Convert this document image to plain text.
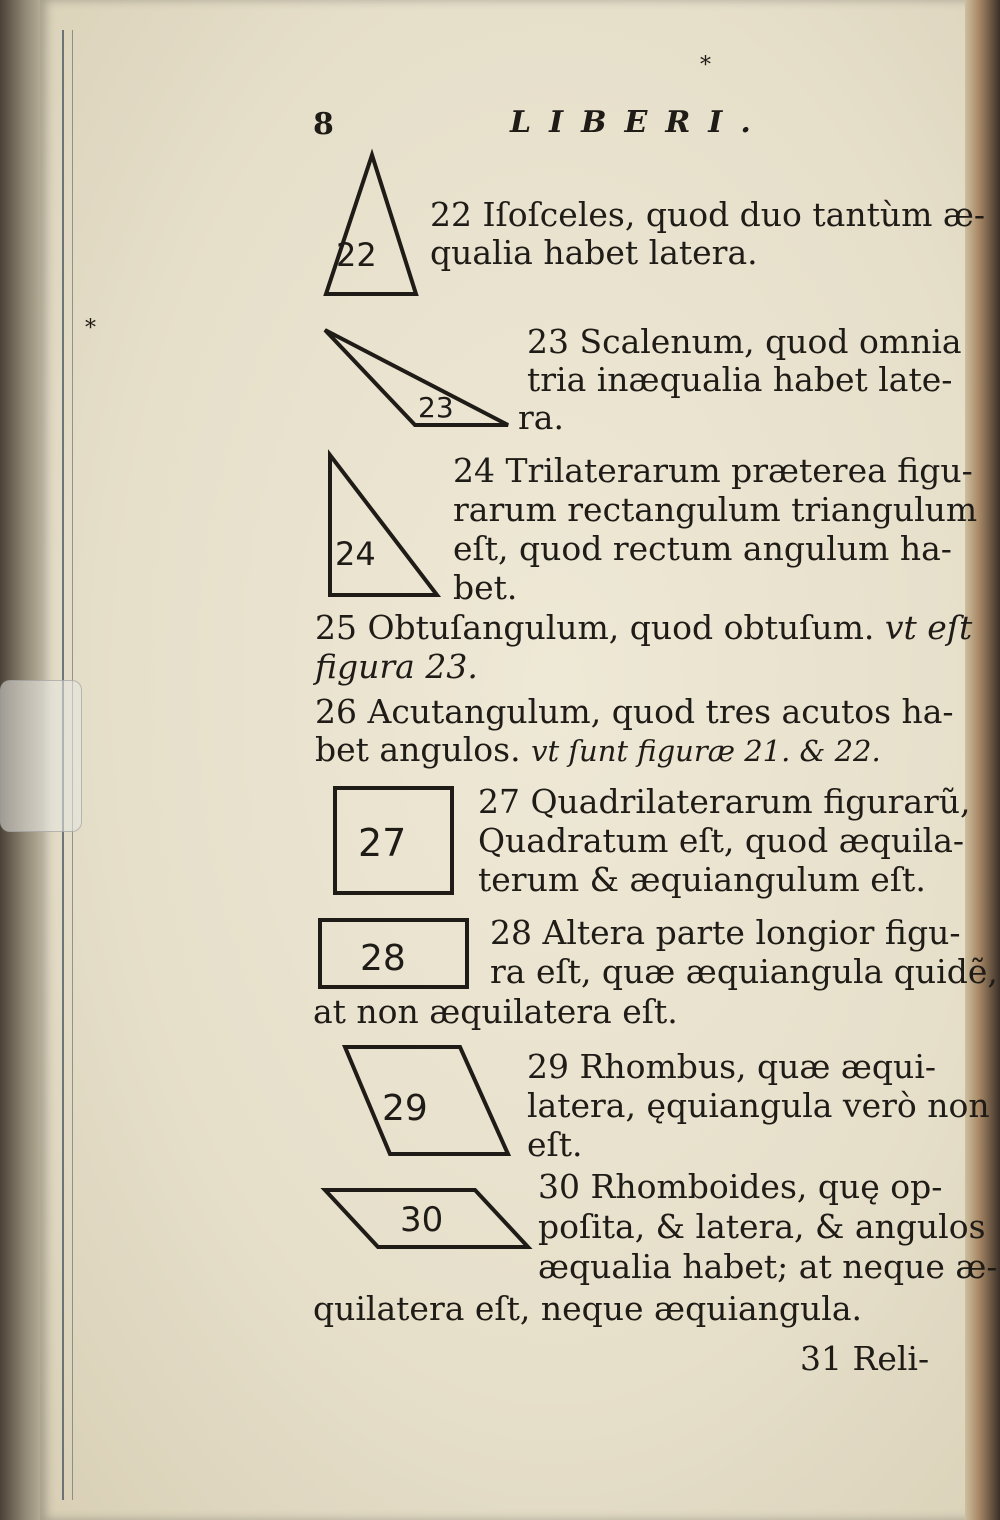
*
8	LIBERI.
*
22
23
24
27
28
29
30
22 Iſoſceles, quod duo tantùm æ-
qualia habet latera.
23 Scalenum, quod omnia
tria inæqualia habet late-
ra.
24 Trilaterarum præterea figu-
rarum rectangulum triangulum
eſt, quod rectum angulum ha-
bet.
25 Obtuſangulum, quod obtuſum. vt eſt
figura 23.
26 Acutangulum, quod tres acutos ha-
bet angulos. vt ſunt figuræ 21. & 22.
27 Quadrilaterarum figurarũ,
Quadratum eſt, quod æquila-
terum & æquiangulum eſt.
28 Altera parte longior figu-
ra eſt, quæ æquiangula quidẽ,
at non æquilatera eſt.
29 Rhombus, quæ æqui-
latera, ęquiangula verò non
eſt.
30 Rhomboides, quę op-
poſita, & latera, & angulos
æqualia habet; at neque æ-
quilatera eſt, neque æquiangula.
31 Reli-
